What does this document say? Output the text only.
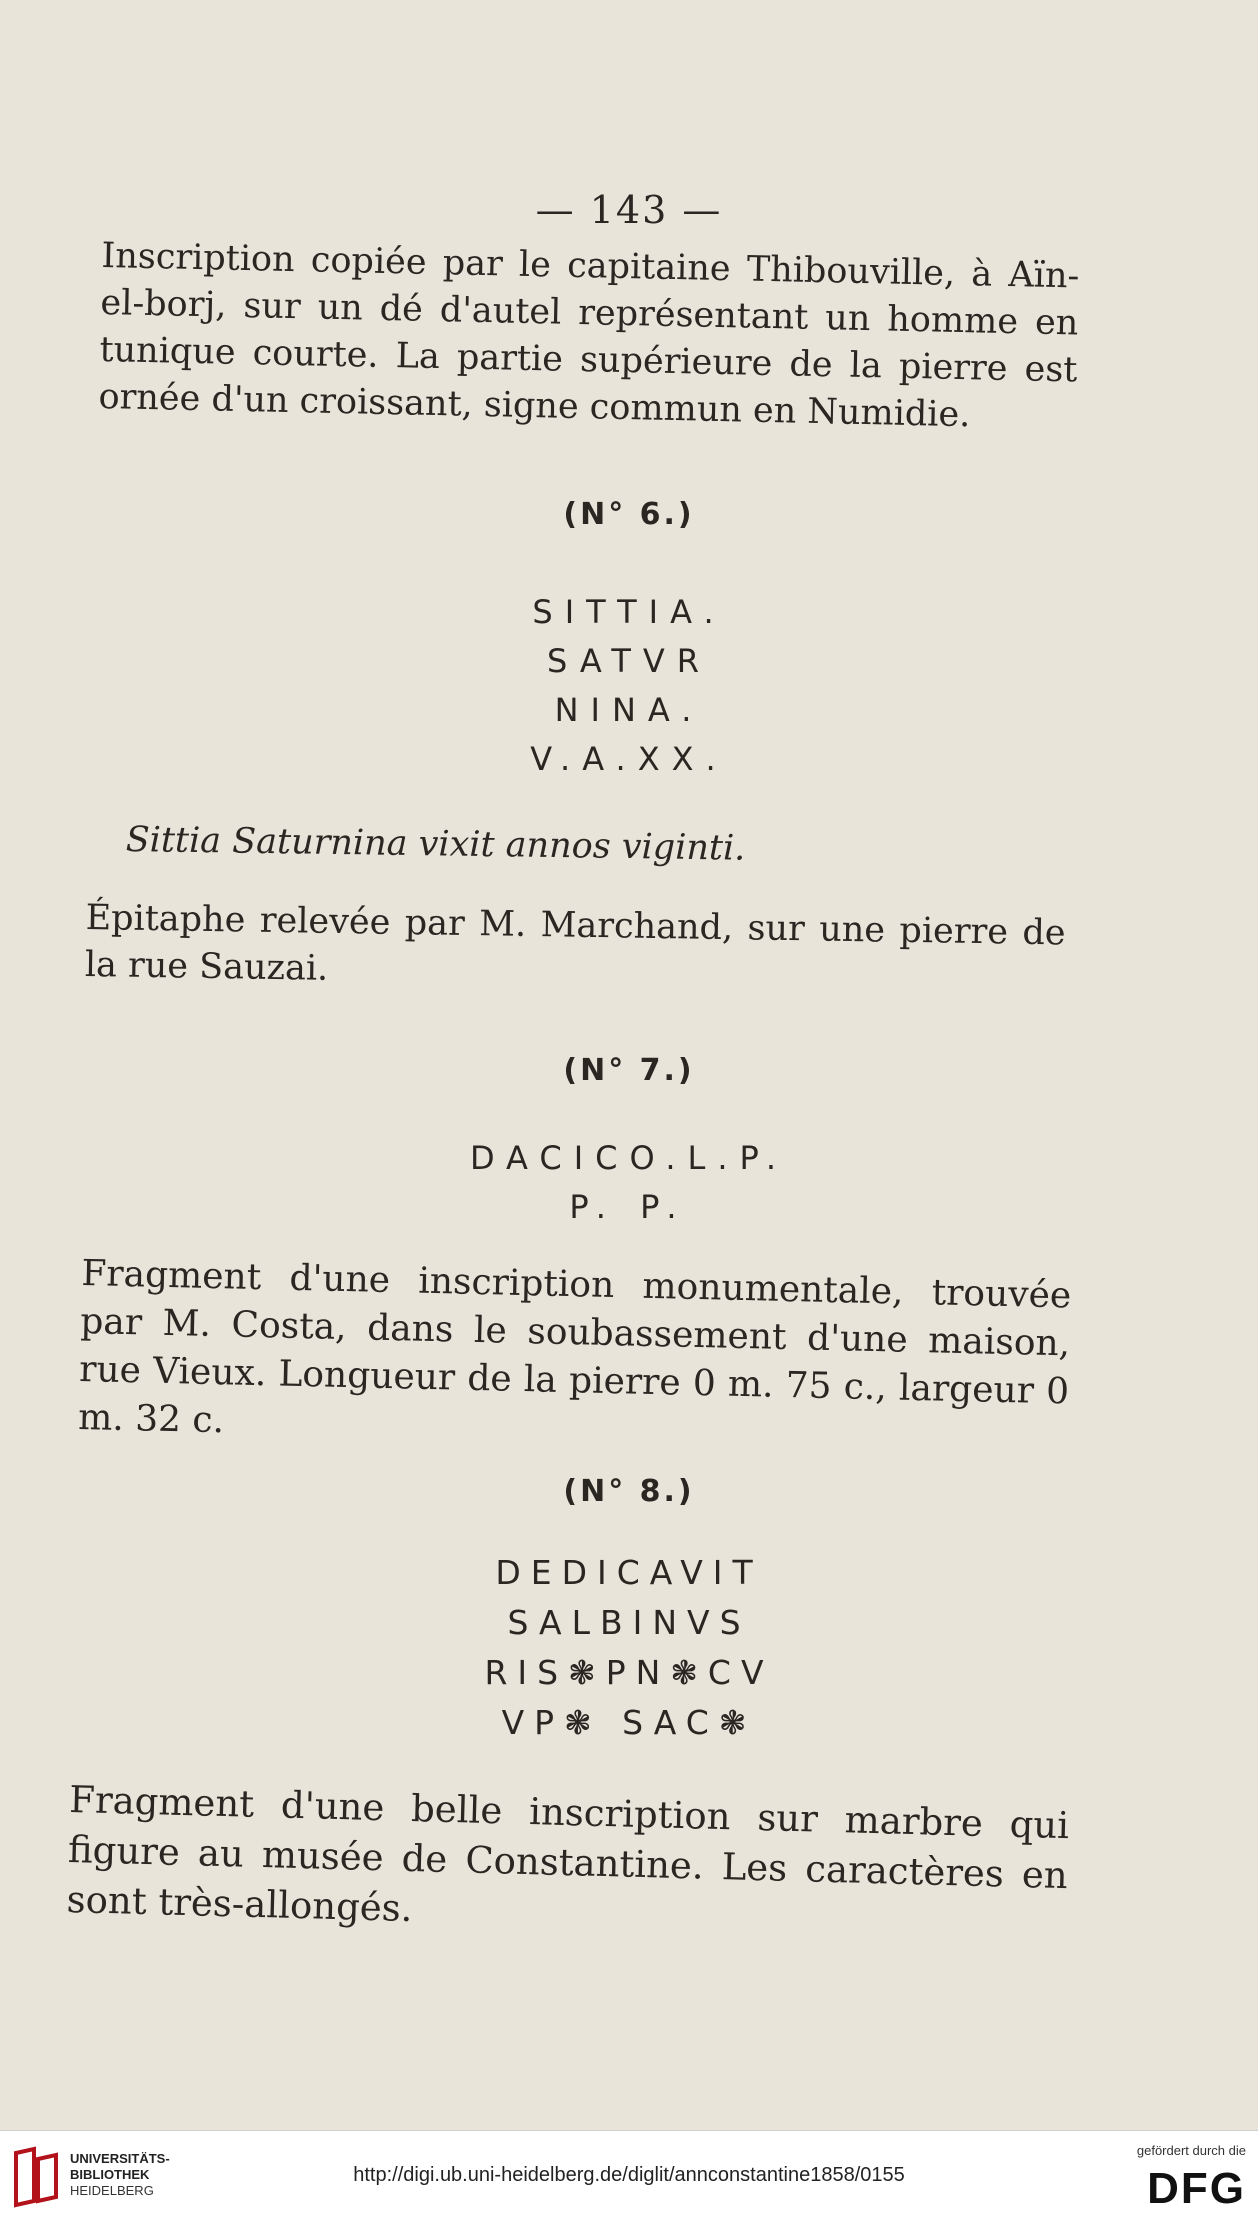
— 143 —

Inscription copiée par le capitaine Thibouville, à Aïn-el-borj, sur un dé d'autel représentant un homme en tunique courte. La partie supérieure de la pierre est ornée d'un croissant, signe commun en Numidie.

(N° 6.)
SITTIA.
SATVR
NINA.
V.A.XX.
Sittia Saturnina vixit annos viginti.

Épitaphe relevée par M. Marchand, sur une pierre de la rue Sauzai.

(N° 7.)
DACICO.L.P.
P. P.

Fragment d'une inscription monumentale, trouvée par M. Costa, dans le soubassement d'une maison, rue Vieux. Longueur de la pierre 0 m. 75 c., largeur 0 m. 32 c.

(N° 8.)
DEDICAVIT
SALBINVS
RIS❃PN❃CV
VP❃ SAC❃

Fragment d'une belle inscription sur marbre qui figure au musée de Constantine. Les caractères en sont très-allongés.

UNIVERSITÄTS-
BIBLIOTHEK
HEIDELBERG
http://digi.ub.uni-heidelberg.de/diglit/annconstantine1858/0155
gefördert durch die
DFG
